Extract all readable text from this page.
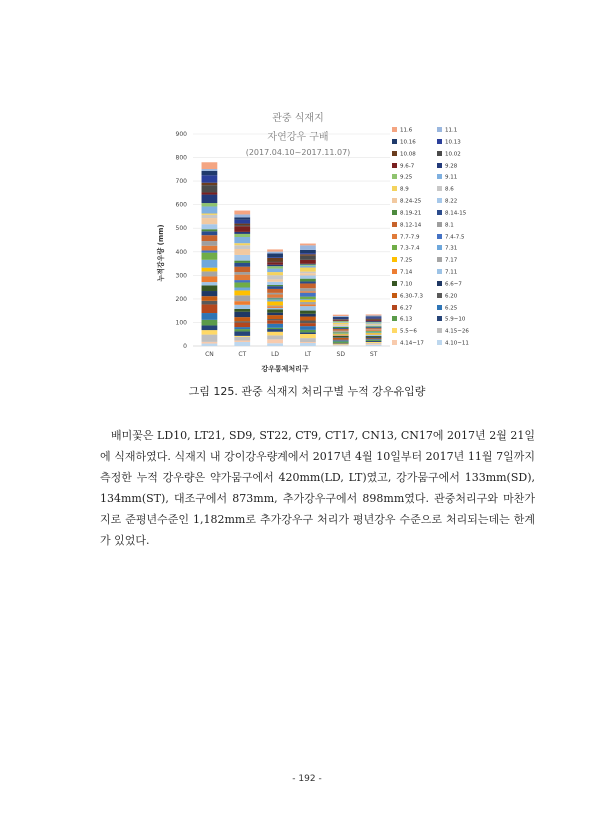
관중 식재지
자연강우 구배
(2017.04.10~2017.11.07)
0
100
200
300
400
500
600
700
800
900
CN	CT	LD	LT	SD	ST
강우통제처리구
누적강우량 (mm)
11.6	11.1
10.16	10.13
10.08	10.02
9.6-7	9.28
9.25	9.11
8.9	8.6
8.24-25	8.22
8.19-21	8.14-15
8.12-14	8.1
7.7-7.9	7.4-7.5
7.3-7.4	7.31
7.25	7.17
7.14	7.11
7.10	6.6~7
6.30-7.3	6.20
6.27	6.25
6.13	5.9~10
5.5~6	4.15~26
4.14~17	4.10~11
그림 125. 관중 식재지 처리구별 누적 강우유입량

배미꽃은 LD10, LT21, SD9, ST22, CT9, CT17, CN13, CN17에 2017년 2월 21일에 식재하였다. 식재지 내 강이강우량계에서 2017년 4월 10일부터 2017년 11월 7일까지 측정한 누적 강우량은 약가뭄구에서 420mm(LD, LT)였고, 강가뭄구에서 133mm(SD), 134mm(ST), 대조구에서 873mm, 추가강우구에서 898mm였다. 관중처리구와 마찬가지로 준평년수준인 1,182mm로 추가강우구 처리가 평년강우 수준으로 처리되는데는 한계가 있었다.

- 192 -
